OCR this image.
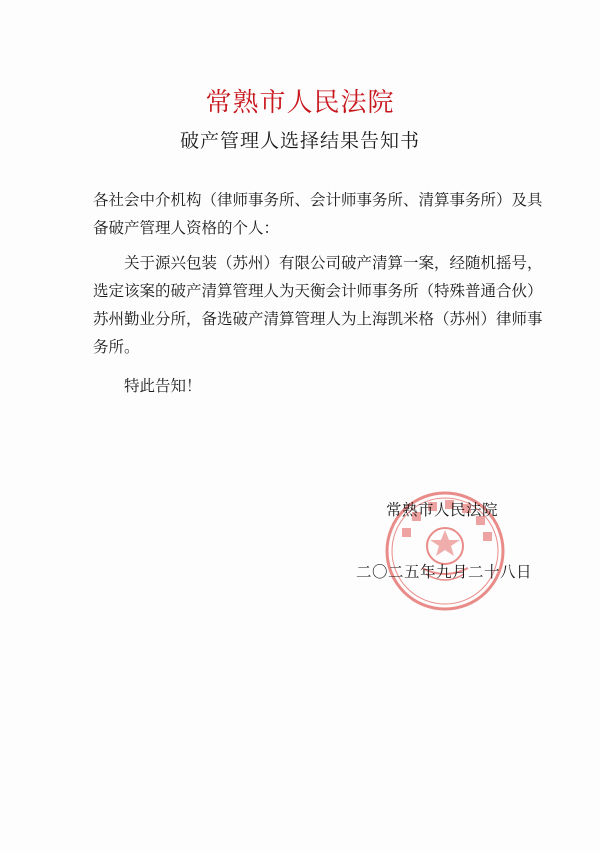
常熟市人民法院
破产管理人选择结果告知书
各社会中介机构（律师事务所、会计师事务所、清算事务所）及具备破产管理人资格的个人：
关于源兴包装（苏州）有限公司破产清算一案，经随机摇号，选定该案的破产清算管理人为天衡会计师事务所（特殊普通合伙）苏州勤业分所，备选破产清算管理人为上海凯米格（苏州）律师事务所。
特此告知！
常熟市人民法院
二〇二五年九月二十八日
